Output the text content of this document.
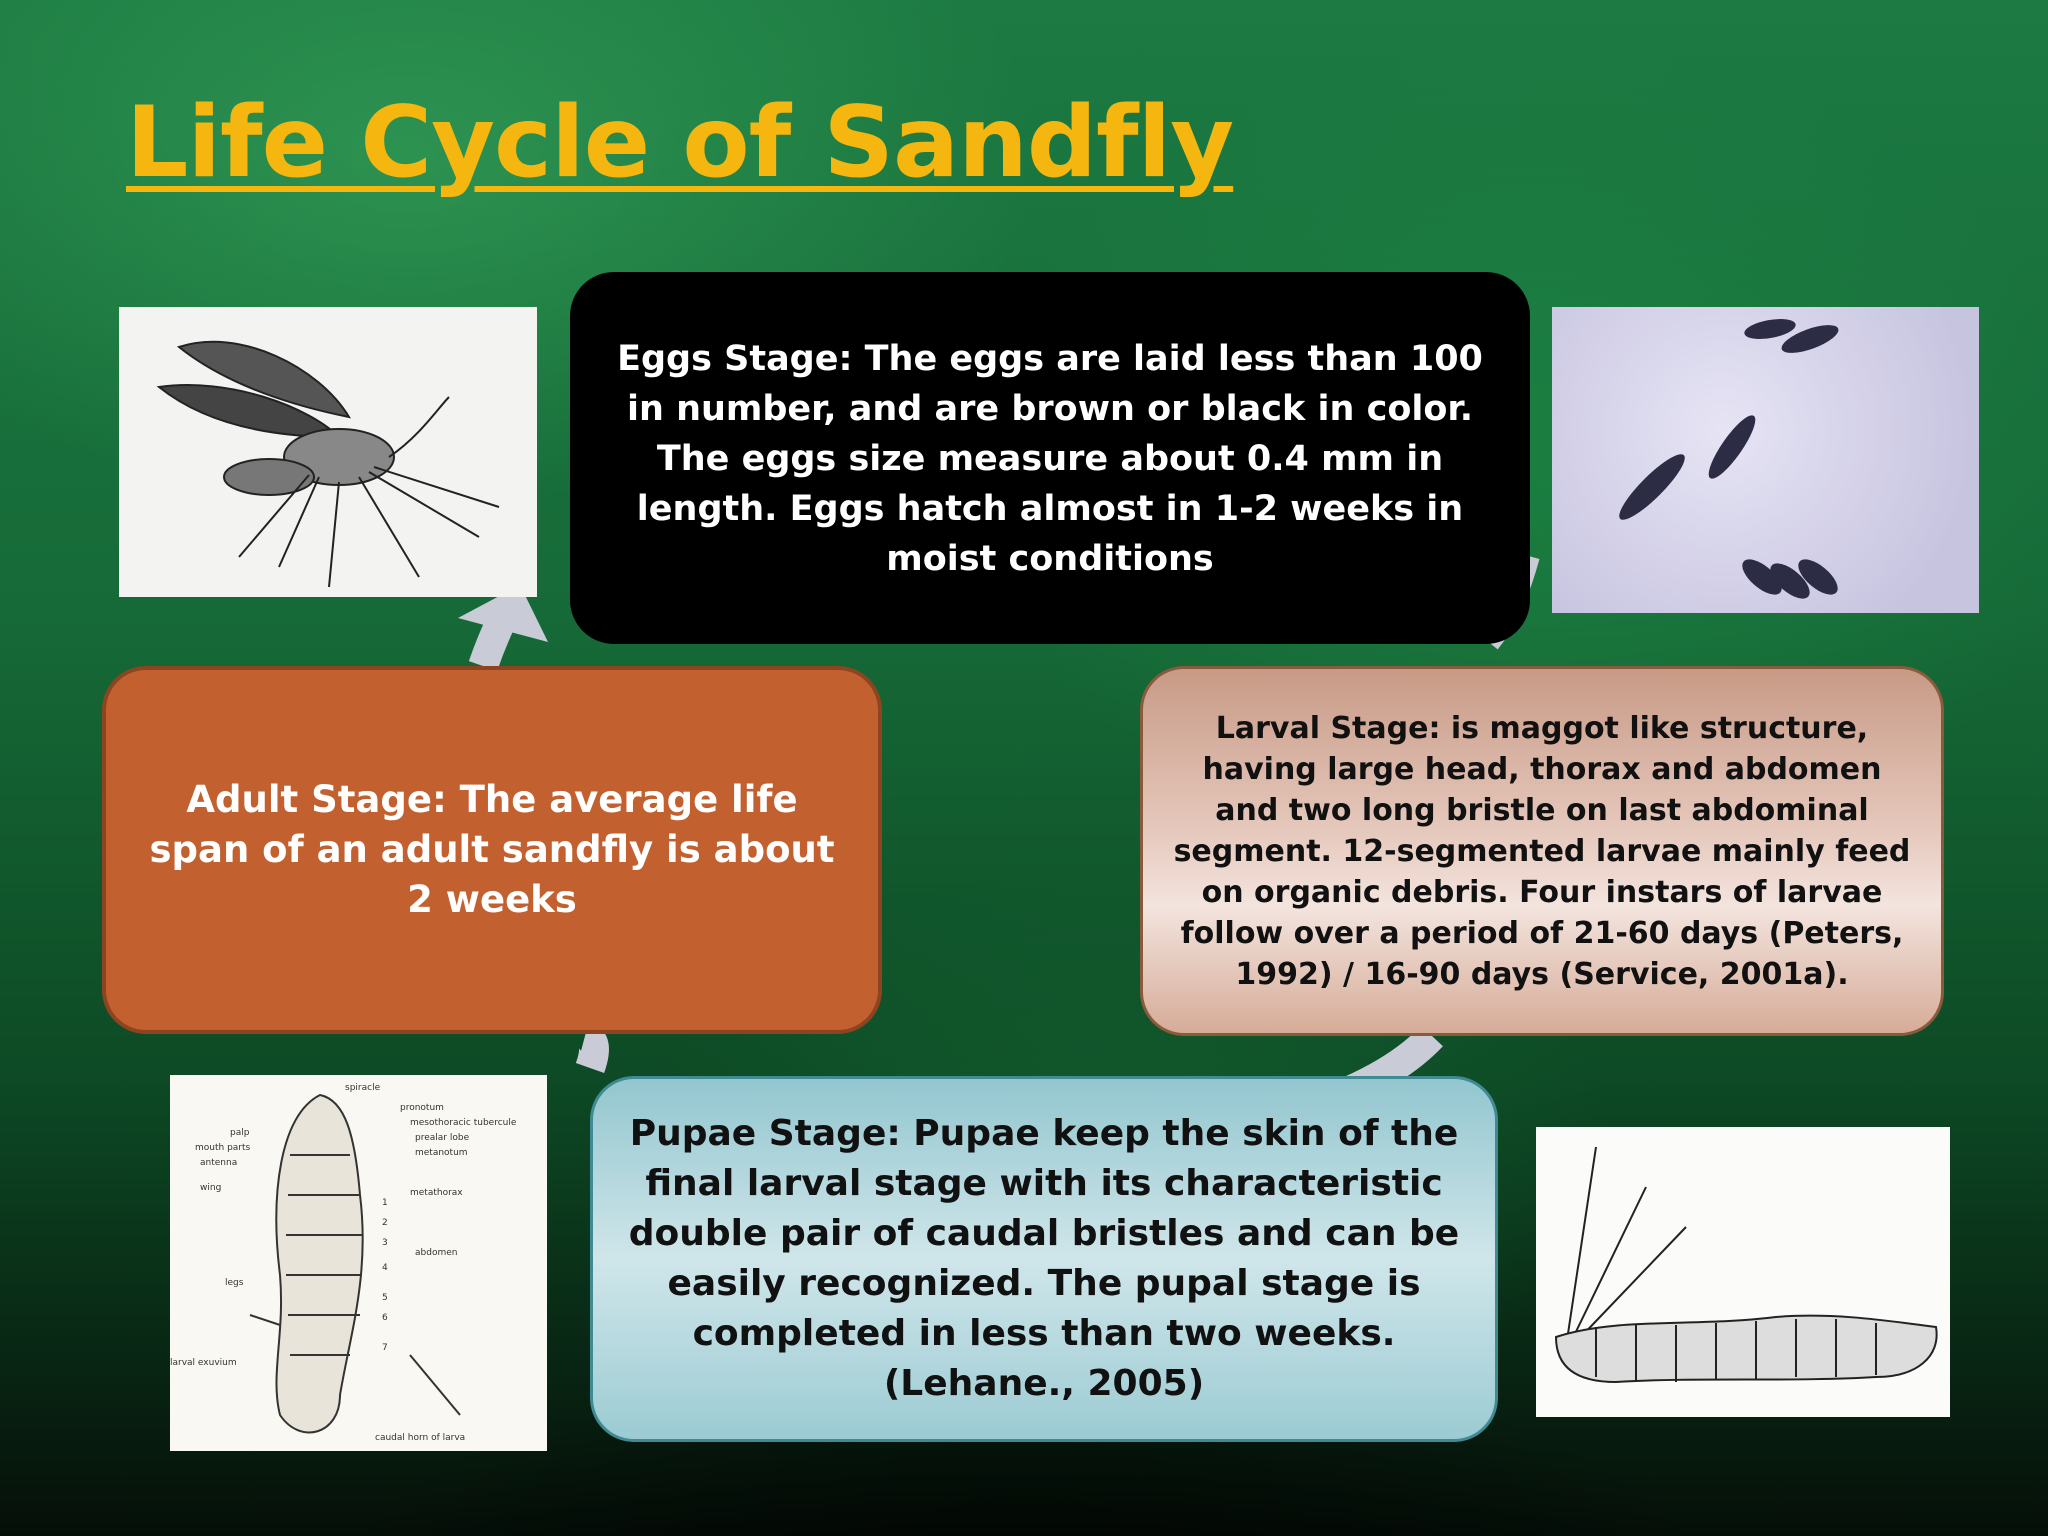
Life Cycle of Sandfly
Eggs Stage: The eggs are laid less than 100 in number, and are brown or black in color. The eggs size measure about 0.4 mm in length. Eggs hatch almost in 1-2 weeks in moist conditions
Larval Stage: is maggot like structure, having large head, thorax and abdomen and two long bristle on last abdominal segment. 12-segmented larvae mainly feed on organic debris. Four instars of larvae follow over a period of 21-60 days (Peters, 1992) / 16-90 days (Service, 2001a).
Adult Stage: The average life span of an adult sandfly is about 2 weeks
Pupae Stage: Pupae keep the skin of the final larval stage with its characteristic double pair of caudal bristles and can be easily recognized. The pupal stage is completed in less than two weeks. (Lehane., 2005)
spiracle
pronotum
mesothoracic tubercule
prealar lobe
metanotum
palp
mouth parts
antenna
wing	metathorax
abdomen
legs
larval exuvium
caudal horn of larva
1
2
3
4
5
6
7
